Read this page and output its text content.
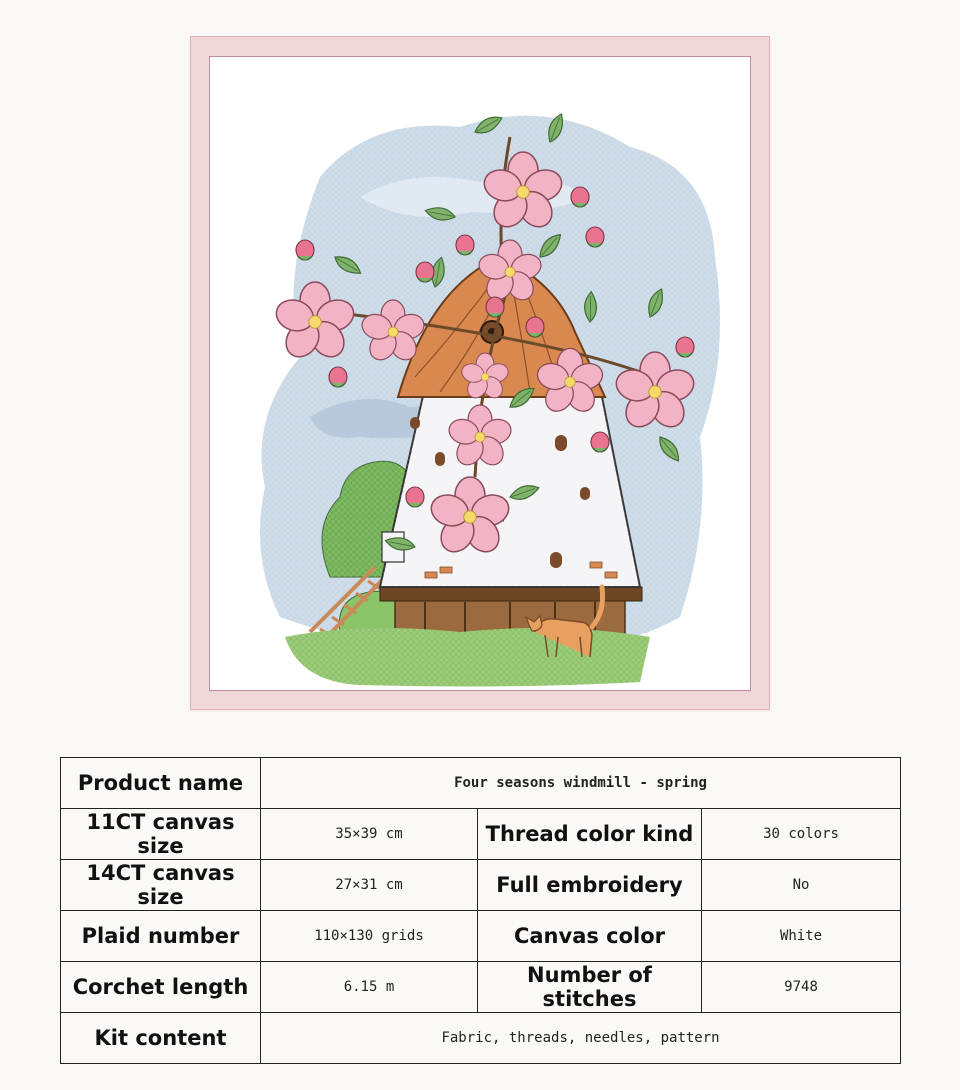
Product name	Four seasons windmill - spring		
11CT canvas size	35×39 cm	Thread color kind	30 colors
14CT canvas size	27×31 cm	Full embroidery	No
Plaid number	110×130 grids	Canvas color	White
Corchet length	6.15 m	Number of stitches	9748
Kit content	Fabric, threads, needles, pattern		
